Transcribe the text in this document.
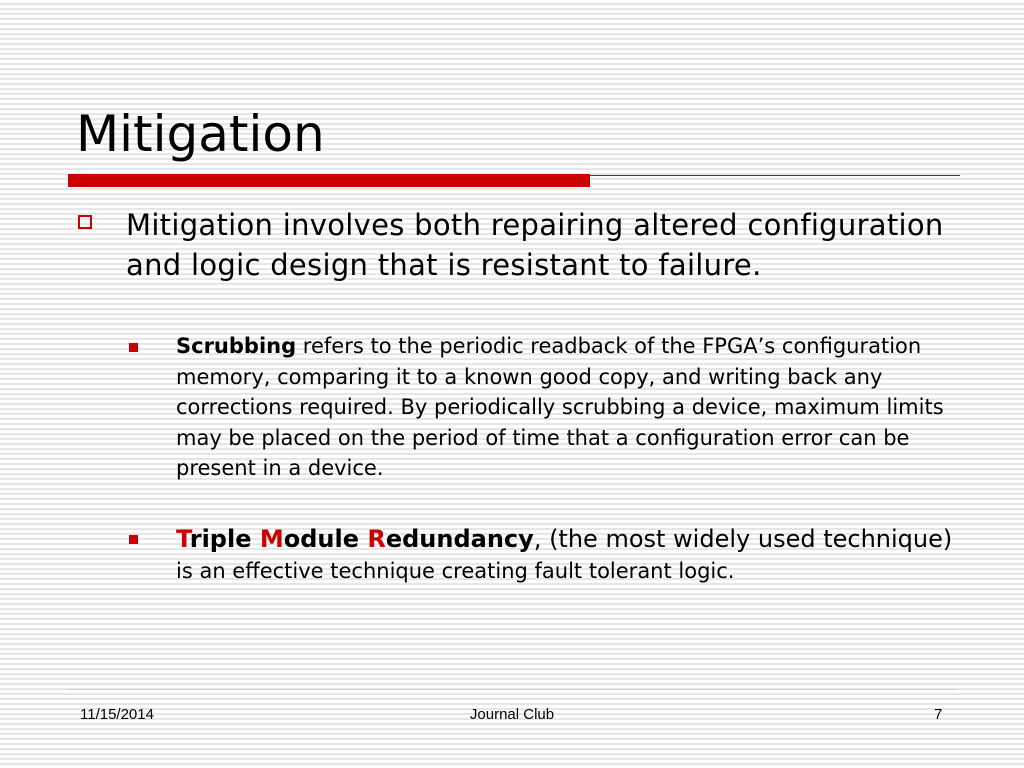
Mitigation

Mitigation involves both repairing altered configuration and logic design that is resistant to failure.

Scrubbing refers to the periodic readback of the FPGA’s configuration memory, comparing it to a known good copy, and writing back any corrections required. By periodically scrubbing a device, maximum limits may be placed on the period of time that a configuration error can be present in a device.

Triple Module Redundancy, (the most widely used technique) is an effective technique creating fault tolerant logic.

11/15/2014	Journal Club	7
